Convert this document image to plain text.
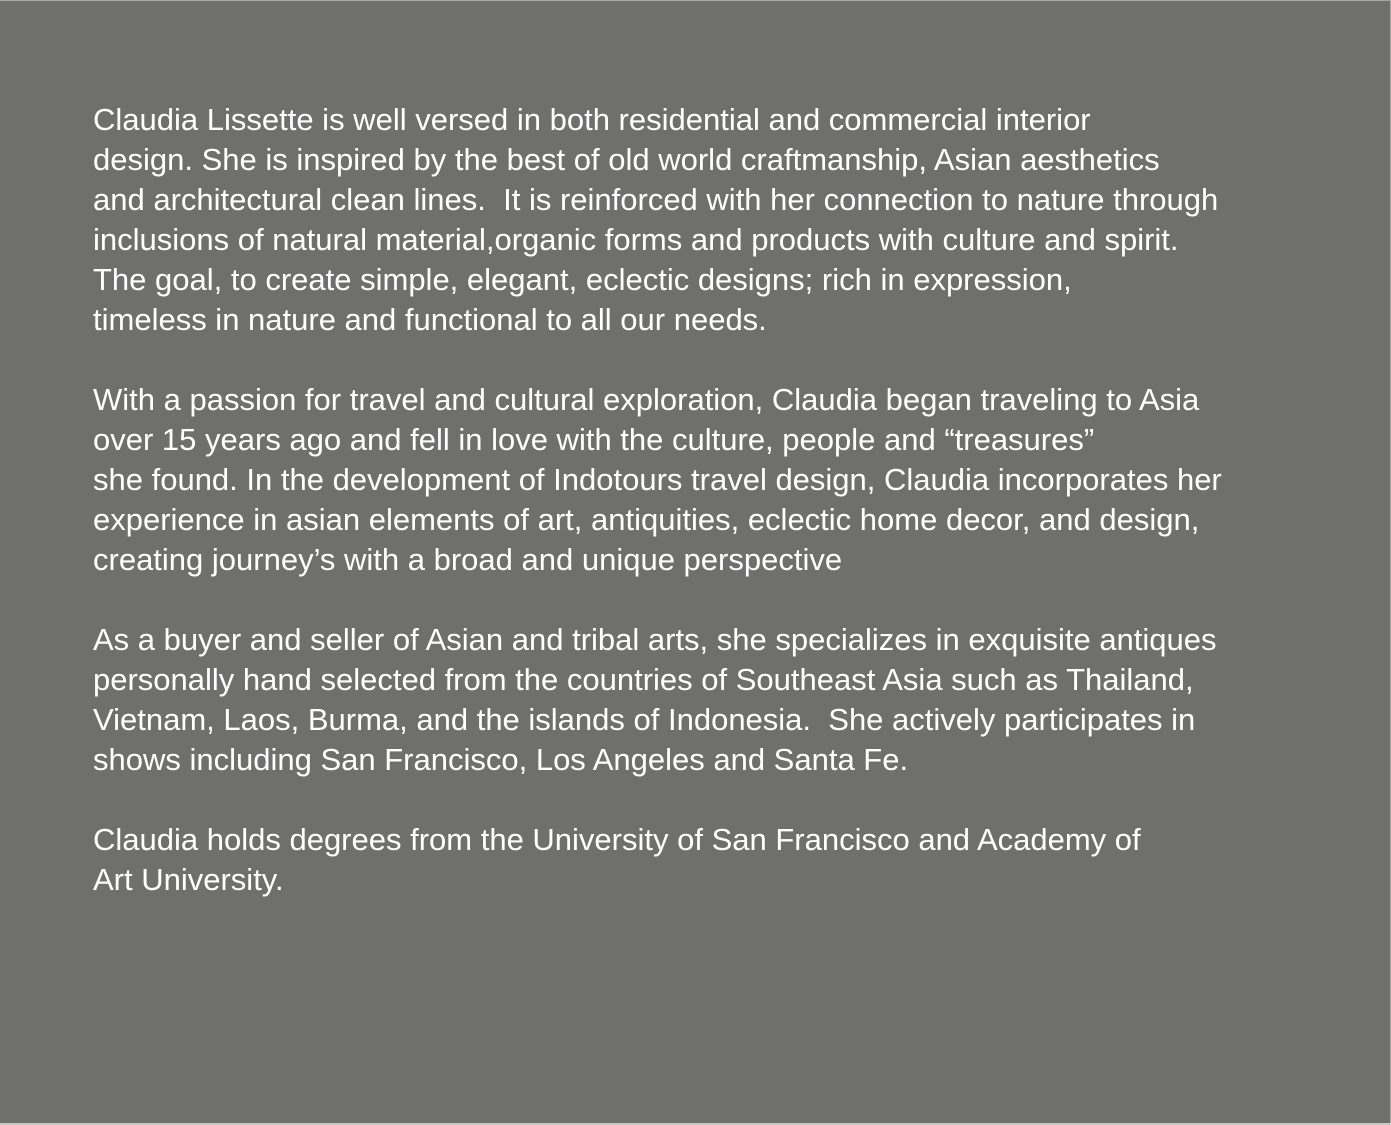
Claudia Lissette is well versed in both residential and commercial interior
design. She is inspired by the best of old world craftmanship, Asian aesthetics
and architectural clean lines.  It is reinforced with her connection to nature through
inclusions of natural material,organic forms and products with culture and spirit.
The goal, to create simple, elegant, eclectic designs; rich in expression,
timeless in nature and functional to all our needs.

With a passion for travel and cultural exploration, Claudia began traveling to Asia
over 15 years ago and fell in love with the culture, people and “treasures”
she found. In the development of Indotours travel design, Claudia incorporates her
experience in asian elements of art, antiquities, eclectic home decor, and design,
creating journey’s with a broad and unique perspective

As a buyer and seller of Asian and tribal arts, she specializes in exquisite antiques
personally hand selected from the countries of Southeast Asia such as Thailand,
Vietnam, Laos, Burma, and the islands of Indonesia.  She actively participates in
shows including San Francisco, Los Angeles and Santa Fe.

Claudia holds degrees from the University of San Francisco and Academy of
Art University.
